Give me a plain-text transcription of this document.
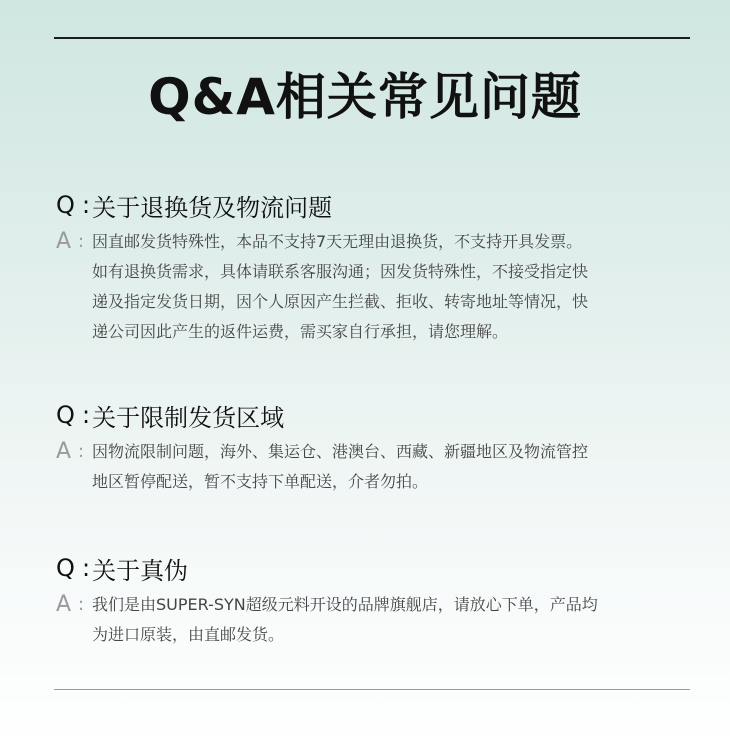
Q&A相关常见问题
Q : 关于退换货及物流问题
A : 因直邮发货特殊性，本品不支持7天无理由退换货，不支持开具发票。
如有退换货需求，具体请联系客服沟通；因发货特殊性，不接受指定快
递及指定发货日期，因个人原因产生拦截、拒收、转寄地址等情况，快
递公司因此产生的返件运费，需买家自行承担，请您理解。

Q : 关于限制发货区域
A : 因物流限制问题，海外、集运仓、港澳台、西藏、新疆地区及物流管控
地区暂停配送，暂不支持下单配送，介者勿拍。

Q : 关于真伪
A : 我们是由SUPER-SYN超级元料开设的品牌旗舰店，请放心下单，产品均
为进口原装，由直邮发货。
